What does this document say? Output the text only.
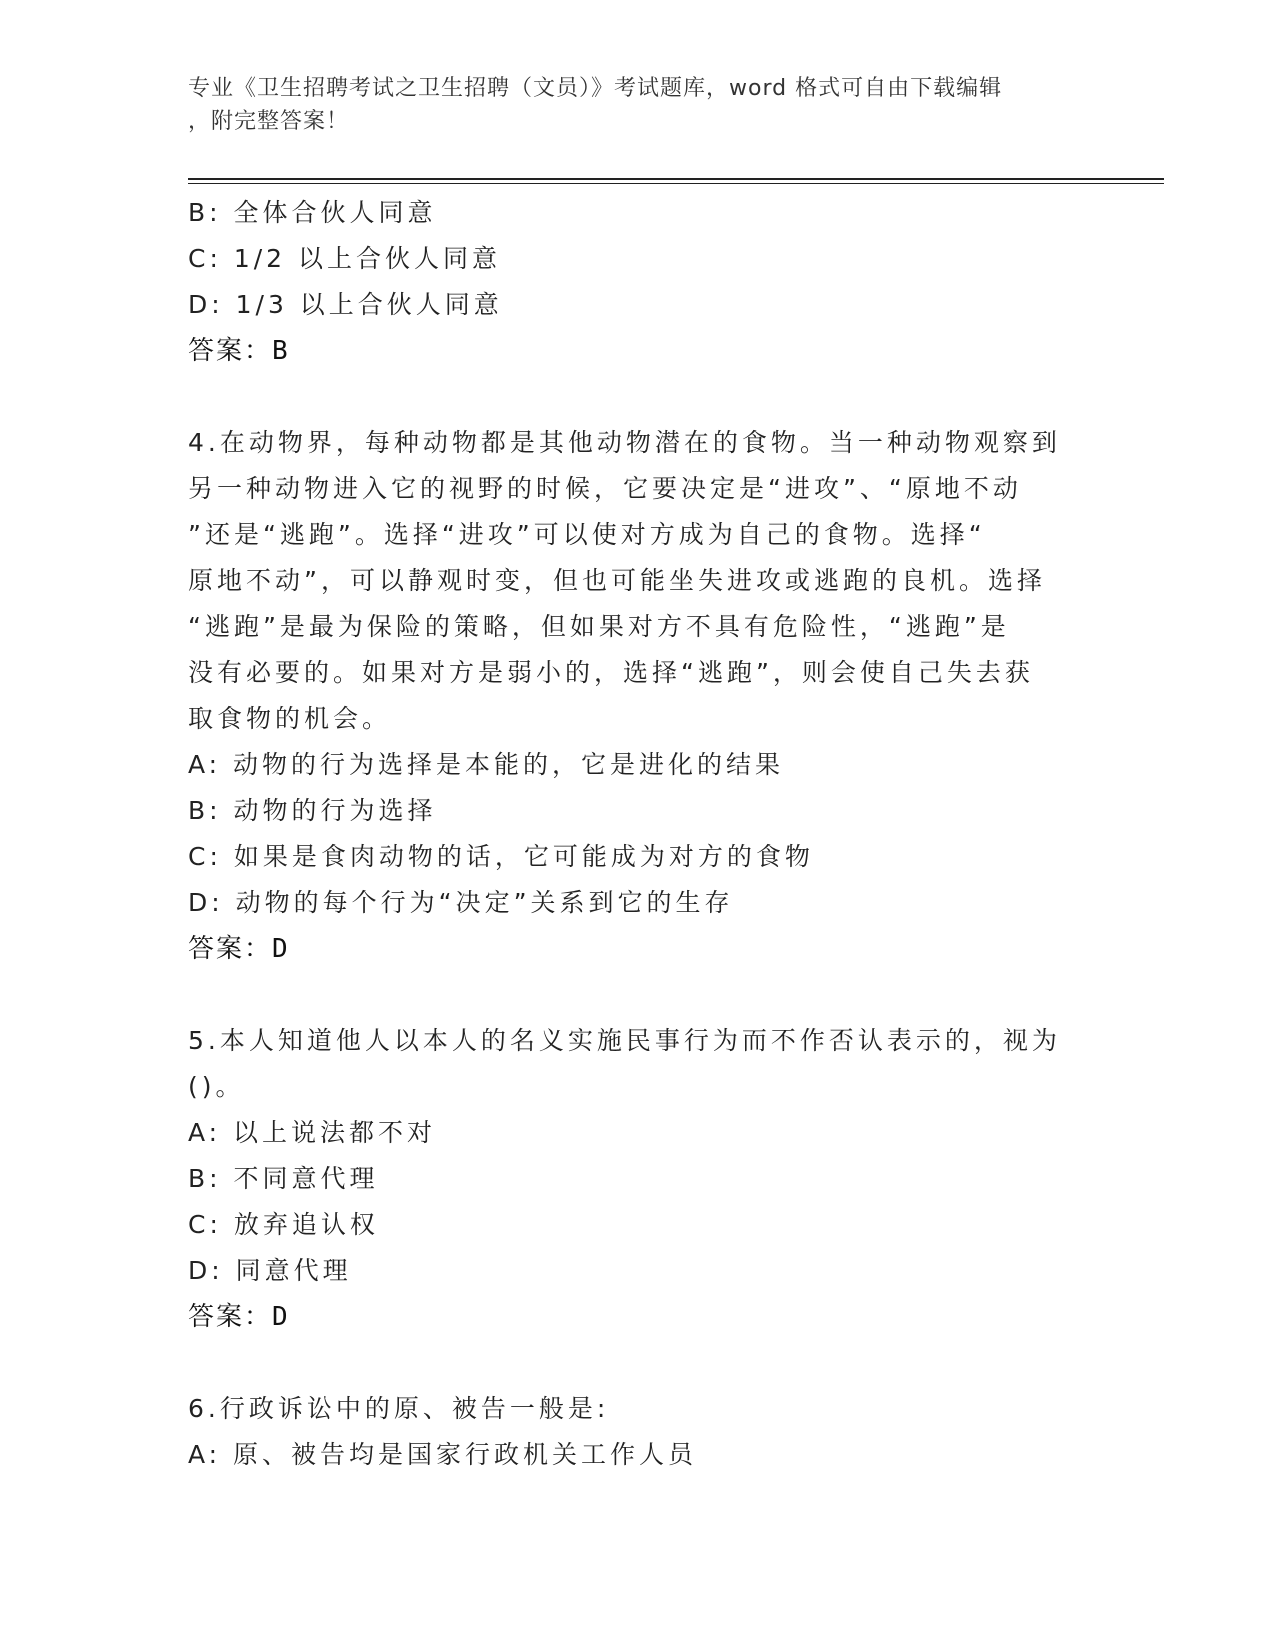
专业《卫生招聘考试之卫生招聘（文员）》考试题库，word 格式可自由下载编辑
，附完整答案！

B: 全体合伙人同意

C: 1/2 以上合伙人同意

D: 1/3 以上合伙人同意

答案：B

4.在动物界，每种动物都是其他动物潜在的食物。当一种动物观察到

另一种动物进入它的视野的时候，它要决定是“进攻”、“原地不动

”还是“逃跑”。选择“进攻”可以使对方成为自己的食物。选择“

原地不动”，可以静观时变，但也可能坐失进攻或逃跑的良机。选择

“逃跑”是最为保险的策略，但如果对方不具有危险性，“逃跑”是

没有必要的。如果对方是弱小的，选择“逃跑”，则会使自己失去获

取食物的机会。

A: 动物的行为选择是本能的，它是进化的结果

B: 动物的行为选择

C: 如果是食肉动物的话，它可能成为对方的食物

D: 动物的每个行为“决定”关系到它的生存

答案：D

5.本人知道他人以本人的名义实施民事行为而不作否认表示的，视为

()。

A: 以上说法都不对

B: 不同意代理

C: 放弃追认权

D: 同意代理

答案：D

6.行政诉讼中的原、被告一般是:

A: 原、被告均是国家行政机关工作人员
